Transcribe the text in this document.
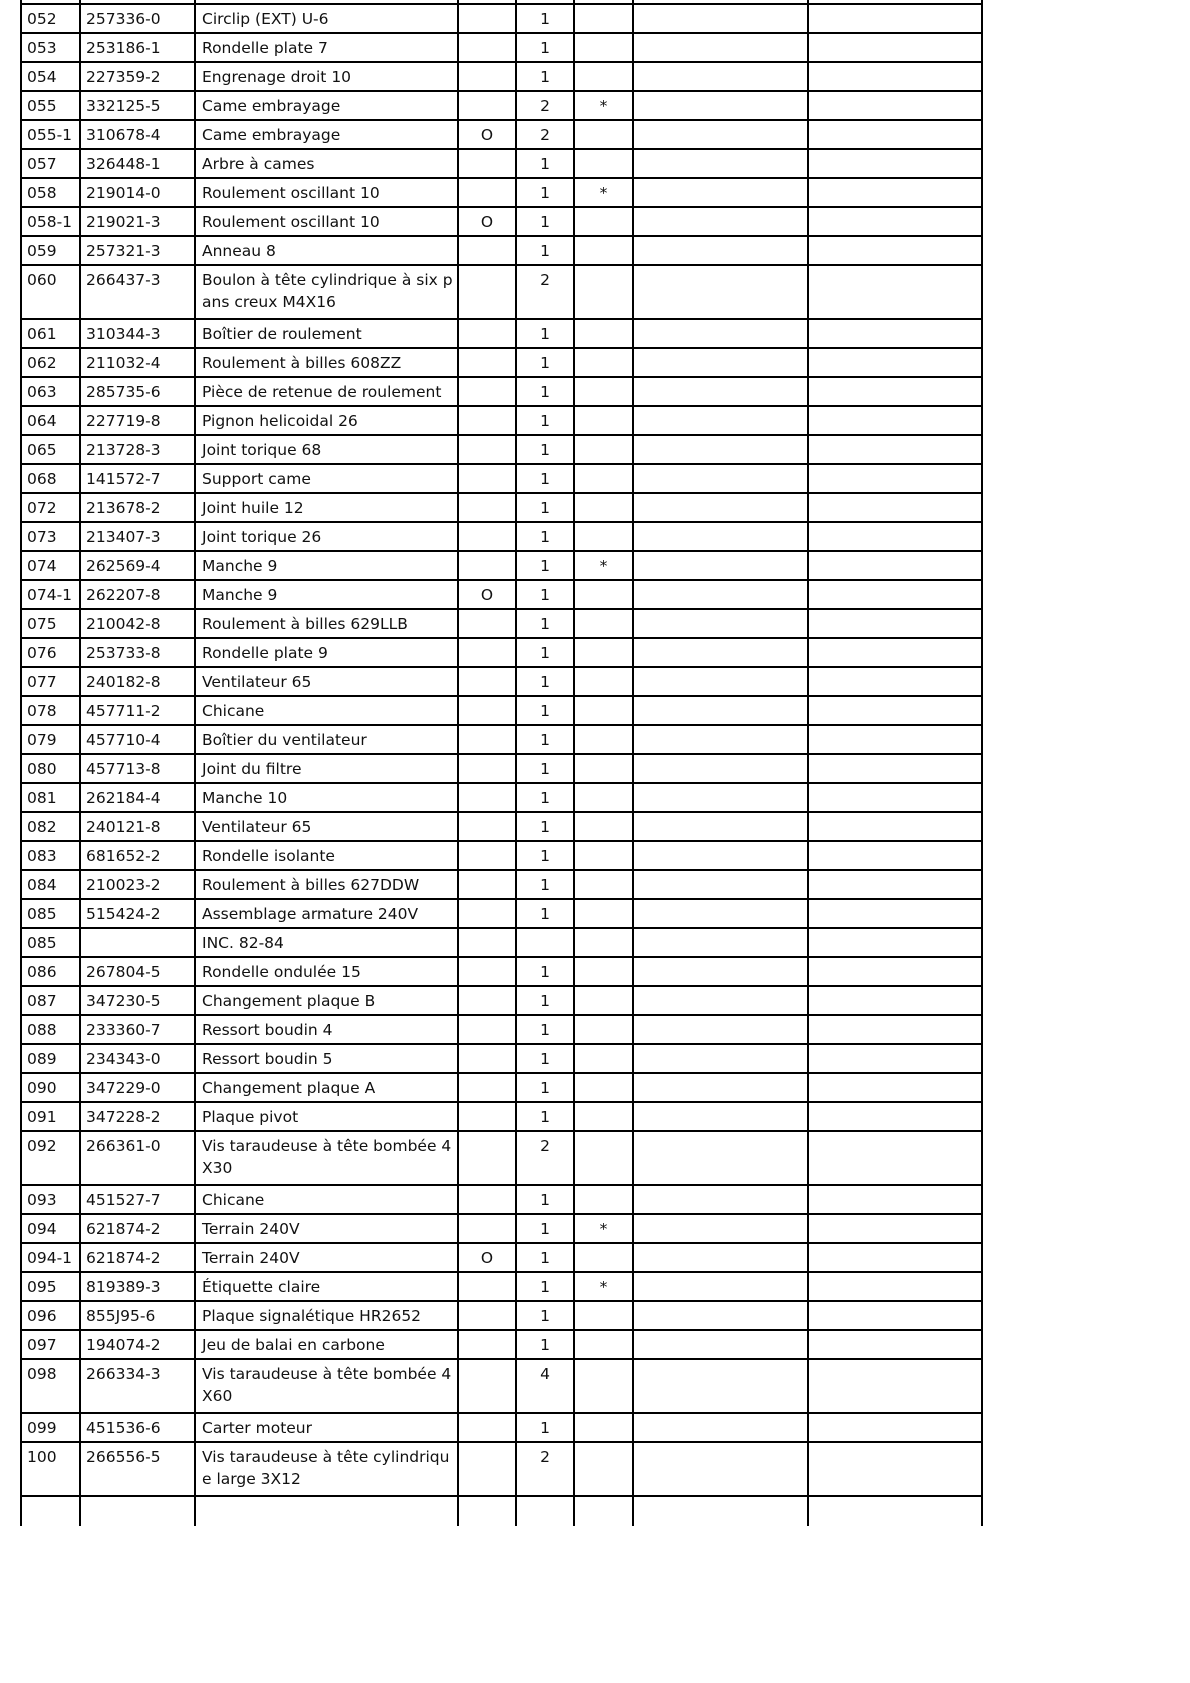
052	257336-0	Circlip (EXT) U-6		1			
053	253186-1	Rondelle plate 7		1			
054	227359-2	Engrenage droit 10		1			
055	332125-5	Came embrayage		2	*		
055-1	310678-4	Came embrayage	O	2			
057	326448-1	Arbre à cames		1			
058	219014-0	Roulement oscillant 10		1	*		
058-1	219021-3	Roulement oscillant 10	O	1			
059	257321-3	Anneau 8		1			
060	266437-3	Boulon à tête cylindrique à six pans creux M4X16		2			
061	310344-3	Boîtier de roulement		1			
062	211032-4	Roulement à billes 608ZZ		1			
063	285735-6	Pièce de retenue de roulement		1			
064	227719-8	Pignon helicoidal 26		1			
065	213728-3	Joint torique 68		1			
068	141572-7	Support came		1			
072	213678-2	Joint huile 12		1			
073	213407-3	Joint torique 26		1			
074	262569-4	Manche 9		1	*		
074-1	262207-8	Manche 9	O	1			
075	210042-8	Roulement à billes 629LLB		1			
076	253733-8	Rondelle plate 9		1			
077	240182-8	Ventilateur 65		1			
078	457711-2	Chicane		1			
079	457710-4	Boîtier du ventilateur		1			
080	457713-8	Joint du filtre		1			
081	262184-4	Manche 10		1			
082	240121-8	Ventilateur 65		1			
083	681652-2	Rondelle isolante		1			
084	210023-2	Roulement à billes 627DDW		1			
085	515424-2	Assemblage armature 240V		1			
085		INC. 82-84					
086	267804-5	Rondelle ondulée 15		1			
087	347230-5	Changement plaque B		1			
088	233360-7	Ressort boudin 4		1			
089	234343-0	Ressort boudin 5		1			
090	347229-0	Changement plaque A		1			
091	347228-2	Plaque pivot		1			
092	266361-0	Vis taraudeuse à tête bombée 4X30		2			
093	451527-7	Chicane		1			
094	621874-2	Terrain 240V		1	*		
094-1	621874-2	Terrain 240V	O	1			
095	819389-3	Étiquette claire		1	*		
096	855J95-6	Plaque signalétique HR2652		1			
097	194074-2	Jeu de balai en carbone		1			
098	266334-3	Vis taraudeuse à tête bombée 4X60		4			
099	451536-6	Carter moteur		1			
100	266556-5	Vis taraudeuse à tête cylindrique large 3X12		2			
